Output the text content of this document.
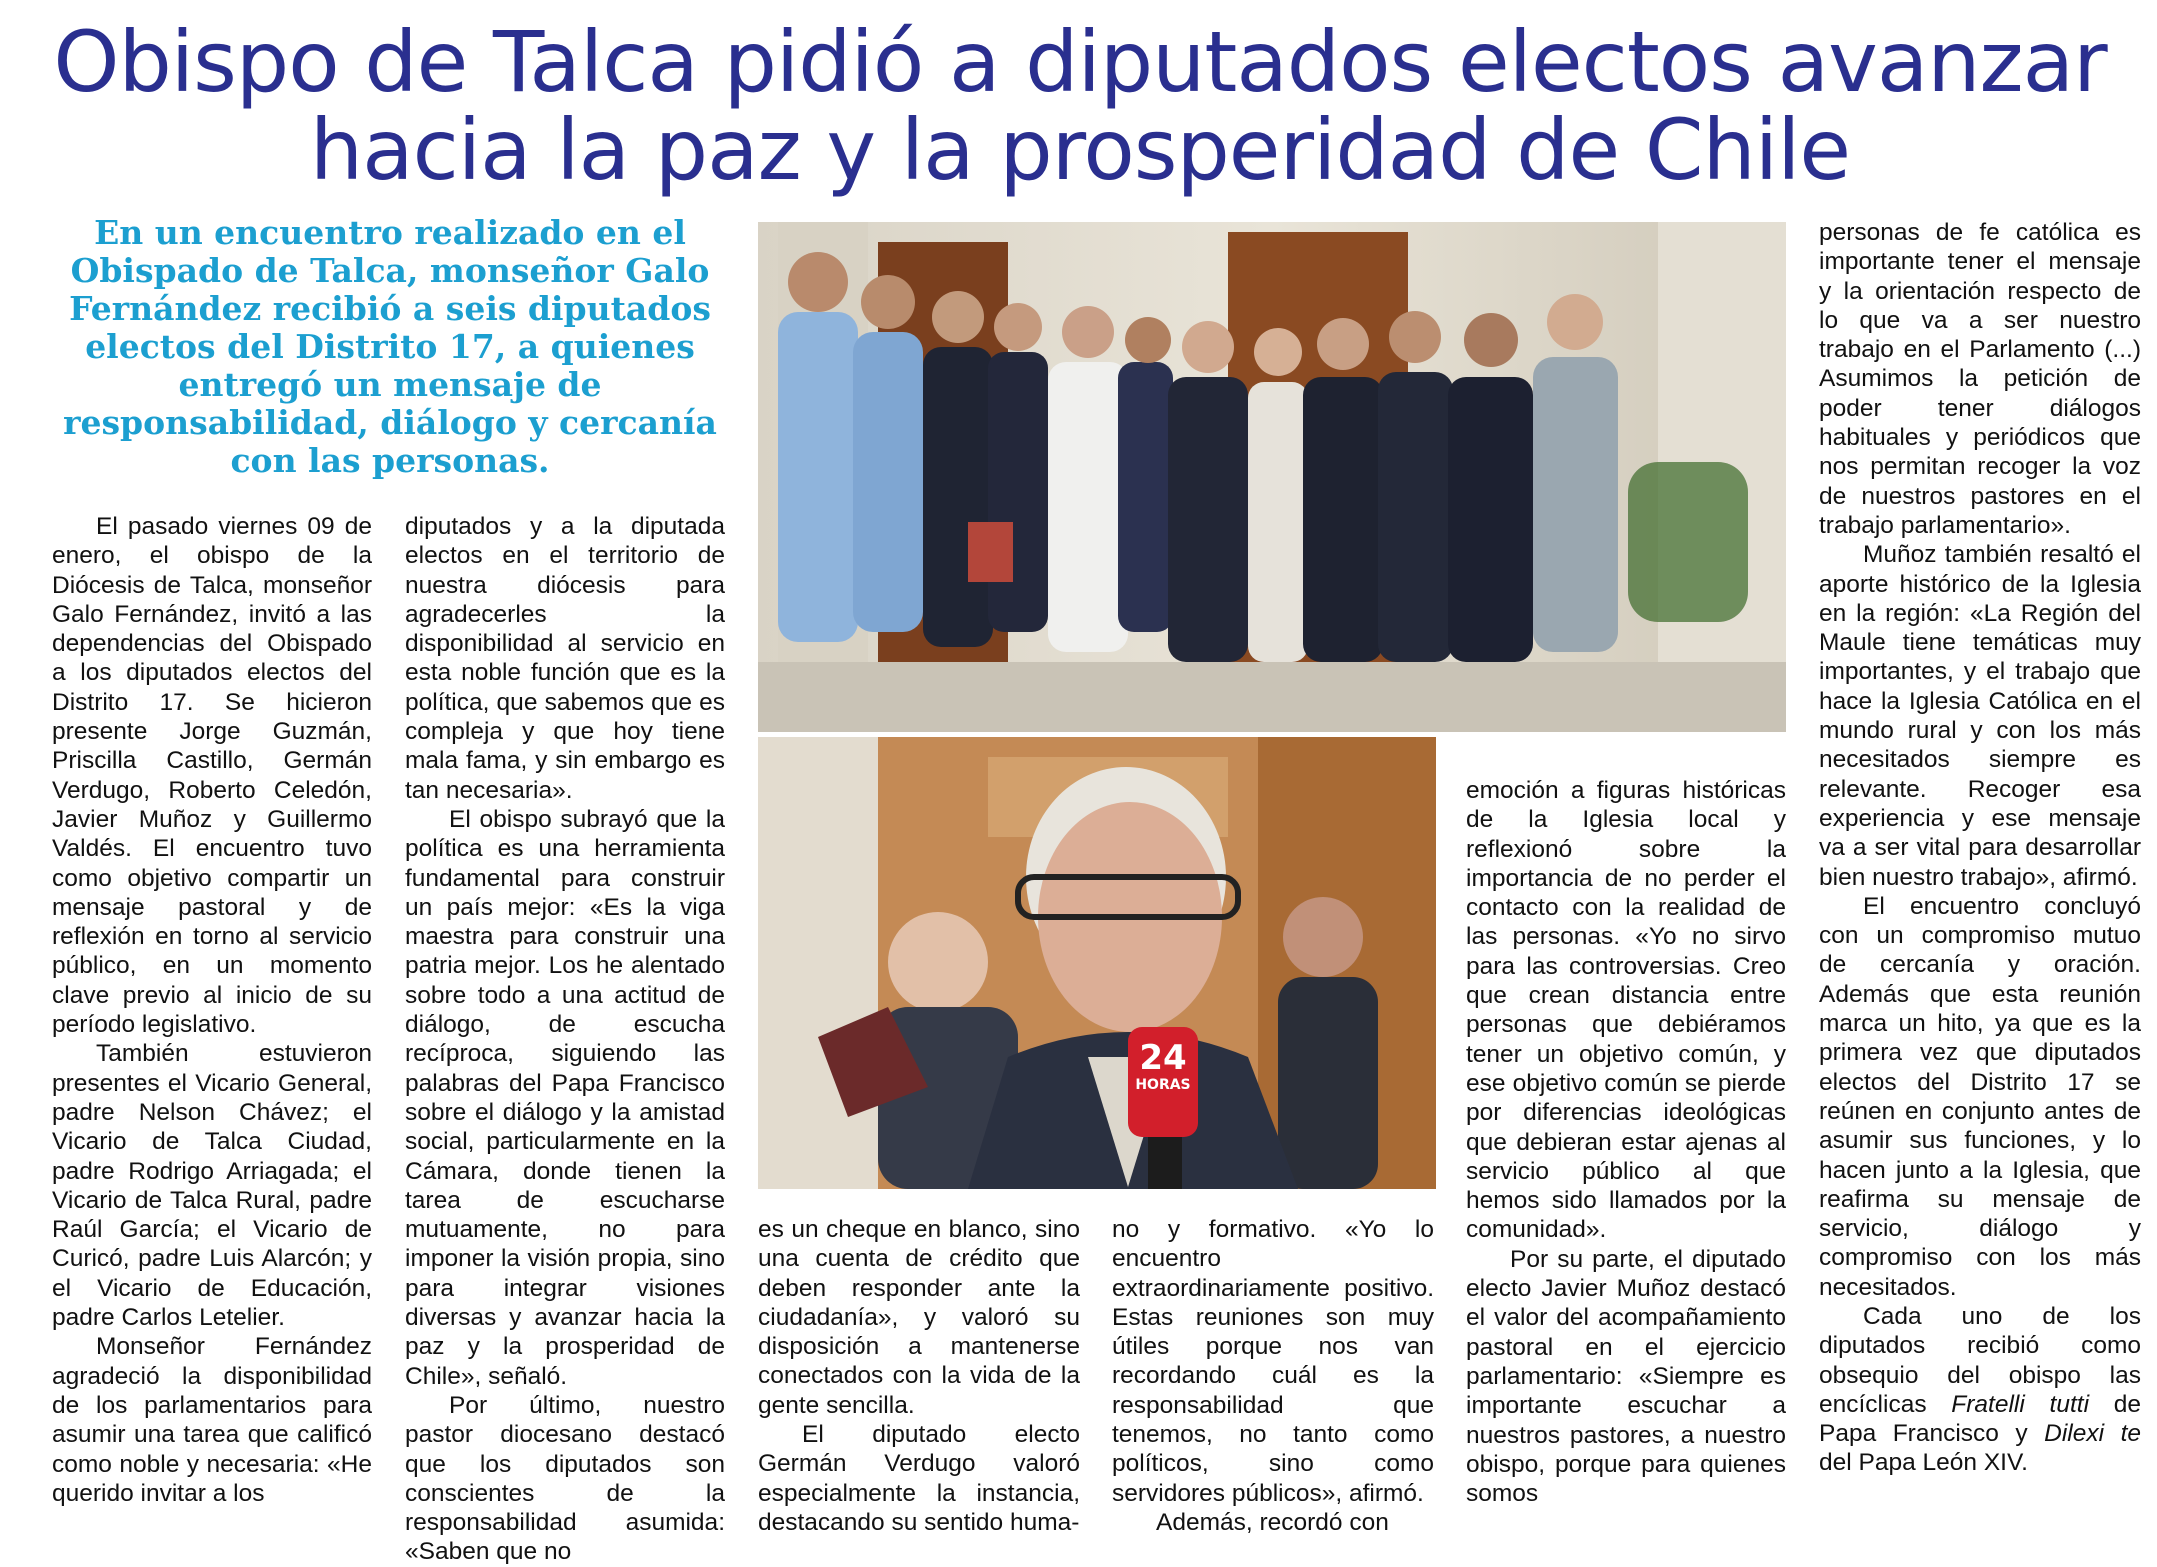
Obispo de Talca pidió a diputados electos avanzar hacia la paz y la prosperidad de Chile
En un encuentro realizado en el Obispado de Talca, monseñor Galo Fernández recibió a seis diputados electos del Distrito 17, a quienes entregó un mensaje de responsabilidad, diálogo y cercanía con las personas.
24
HORAS

El pasado viernes 09 de enero, el obispo de la Diócesis de Talca, monseñor Galo Fernández, invitó a las dependencias del Obispado a los diputados electos del Distrito 17. Se hicieron presente Jorge Guzmán, Priscilla Castillo, Germán Verdugo, Roberto Celedón, Javier Muñoz y Guillermo Valdés. El encuentro tuvo como objetivo compartir un mensaje pastoral y de reflexión en torno al servicio público, en un momento clave previo al inicio de su período legislativo.

También estuvieron presentes el Vicario General, padre Nelson Chávez; el Vicario de Talca Ciudad, padre Rodrigo Arriagada; el Vicario de Talca Rural, padre Raúl García; el Vicario de Curicó, padre Luis Alarcón; y el Vicario de Educación, padre Carlos Letelier.

Monseñor Fernández agradeció la disponibilidad de los parlamentarios para asumir una tarea que calificó como noble y necesaria: «He querido invitar a los

diputados y a la diputada electos en el territorio de nuestra diócesis para agradecerles la disponibilidad al servicio en esta noble función que es la política, que sabemos que es compleja y que hoy tiene mala fama, y sin embargo es tan necesaria».

El obispo subrayó que la política es una herramienta fundamental para construir un país mejor: «Es la viga maestra para construir una patria mejor. Los he alentado sobre todo a una actitud de diálogo, de escucha recíproca, siguiendo las palabras del Papa Francisco sobre el diálogo y la amistad social, particularmente en la Cámara, donde tienen la tarea de escucharse mutuamente, no para imponer la visión propia, sino para integrar visiones diversas y avanzar hacia la paz y la prosperidad de Chile», señaló.

Por último, nuestro pastor diocesano destacó que los diputados son conscientes de la responsabilidad asumida: «Saben que no

es un cheque en blanco, sino una cuenta de crédito que deben responder ante la ciudadanía», y valoró su disposición a mantenerse conectados con la vida de la gente sencilla.

El diputado electo Germán Verdugo valoró especialmente la instancia, destacando su sentido huma-

no y formativo. «Yo lo encuentro extraordinariamente positivo. Estas reuniones son muy útiles porque nos van recordando cuál es la responsabilidad que tenemos, no tanto como políticos, sino como servidores públicos», afirmó.

Además, recordó con

emoción a figuras históricas de la Iglesia local y reflexionó sobre la importancia de no perder el contacto con la realidad de las personas. «Yo no sirvo para las controversias. Creo que crean distancia entre personas que debiéramos tener un objetivo común, y ese objetivo común se pierde por diferencias ideológicas que debieran estar ajenas al servicio público al que hemos sido llamados por la comunidad».

Por su parte, el diputado electo Javier Muñoz destacó el valor del acompañamiento pastoral en el ejercicio parlamentario: «Siempre es importante escuchar a nuestros pastores, a nuestro obispo, porque para quienes somos

personas de fe católica es importante tener el mensaje y la orientación respecto de lo que va a ser nuestro trabajo en el Parlamento (...) Asumimos la petición de poder tener diálogos habituales y periódicos que nos permitan recoger la voz de nuestros pastores en el trabajo parlamentario».

Muñoz también resaltó el aporte histórico de la Iglesia en la región: «La Región del Maule tiene temáticas muy importantes, y el trabajo que hace la Iglesia Católica en el mundo rural y con los más necesitados siempre es relevante. Recoger esa experiencia y ese mensaje va a ser vital para desarrollar bien nuestro trabajo», afirmó.

El encuentro concluyó con un compromiso mutuo de cercanía y oración. Además que esta reunión marca un hito, ya que es la primera vez que diputados electos del Distrito 17 se reúnen en conjunto antes de asumir sus funciones, y lo hacen junto a la Iglesia, que reafirma su mensaje de servicio, diálogo y compromiso con los más necesitados.

Cada uno de los diputados recibió como obsequio del obispo las encíclicas Fratelli tutti de Papa Francisco y Dilexi te del Papa León XIV.
